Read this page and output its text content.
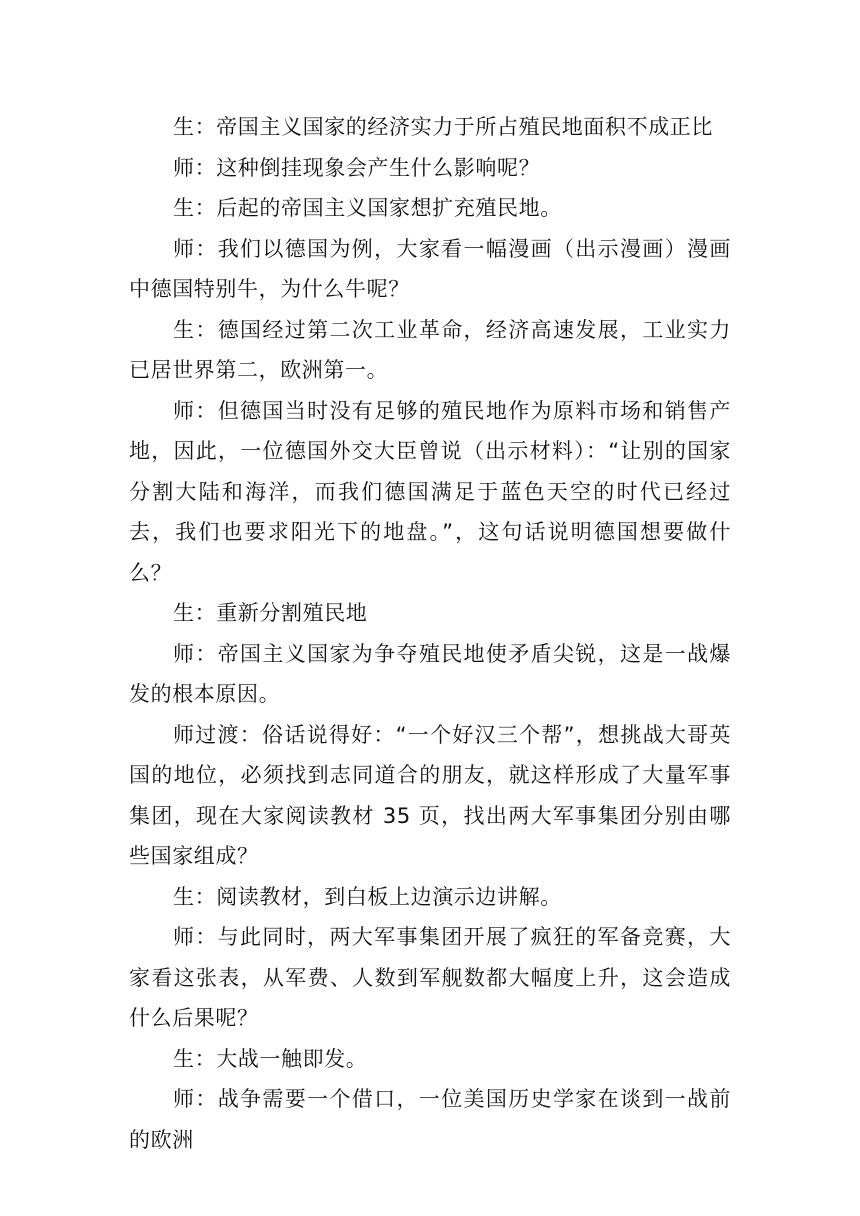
生：帝国主义国家的经济实力于所占殖民地面积不成正比

师：这种倒挂现象会产生什么影响呢？

生：后起的帝国主义国家想扩充殖民地。

师：我们以德国为例，大家看一幅漫画（出示漫画）漫画中德国特别牛，为什么牛呢？

生：德国经过第二次工业革命，经济高速发展，工业实力已居世界第二，欧洲第一。

师：但德国当时没有足够的殖民地作为原料市场和销售产地，因此，一位德国外交大臣曾说（出示材料）：“让别的国家分割大陆和海洋，而我们德国满足于蓝色天空的时代已经过去，我们也要求阳光下的地盘。”，这句话说明德国想要做什么？

生：重新分割殖民地

师：帝国主义国家为争夺殖民地使矛盾尖锐，这是一战爆发的根本原因。

师过渡：俗话说得好：“一个好汉三个帮”，想挑战大哥英国的地位，必须找到志同道合的朋友，就这样形成了大量军事集团，现在大家阅读教材 35 页，找出两大军事集团分别由哪些国家组成？

生：阅读教材，到白板上边演示边讲解。

师：与此同时，两大军事集团开展了疯狂的军备竞赛，大家看这张表，从军费、人数到军舰数都大幅度上升，这会造成什么后果呢？

生：大战一触即发。

师：战争需要一个借口，一位美国历史学家在谈到一战前的欧洲
